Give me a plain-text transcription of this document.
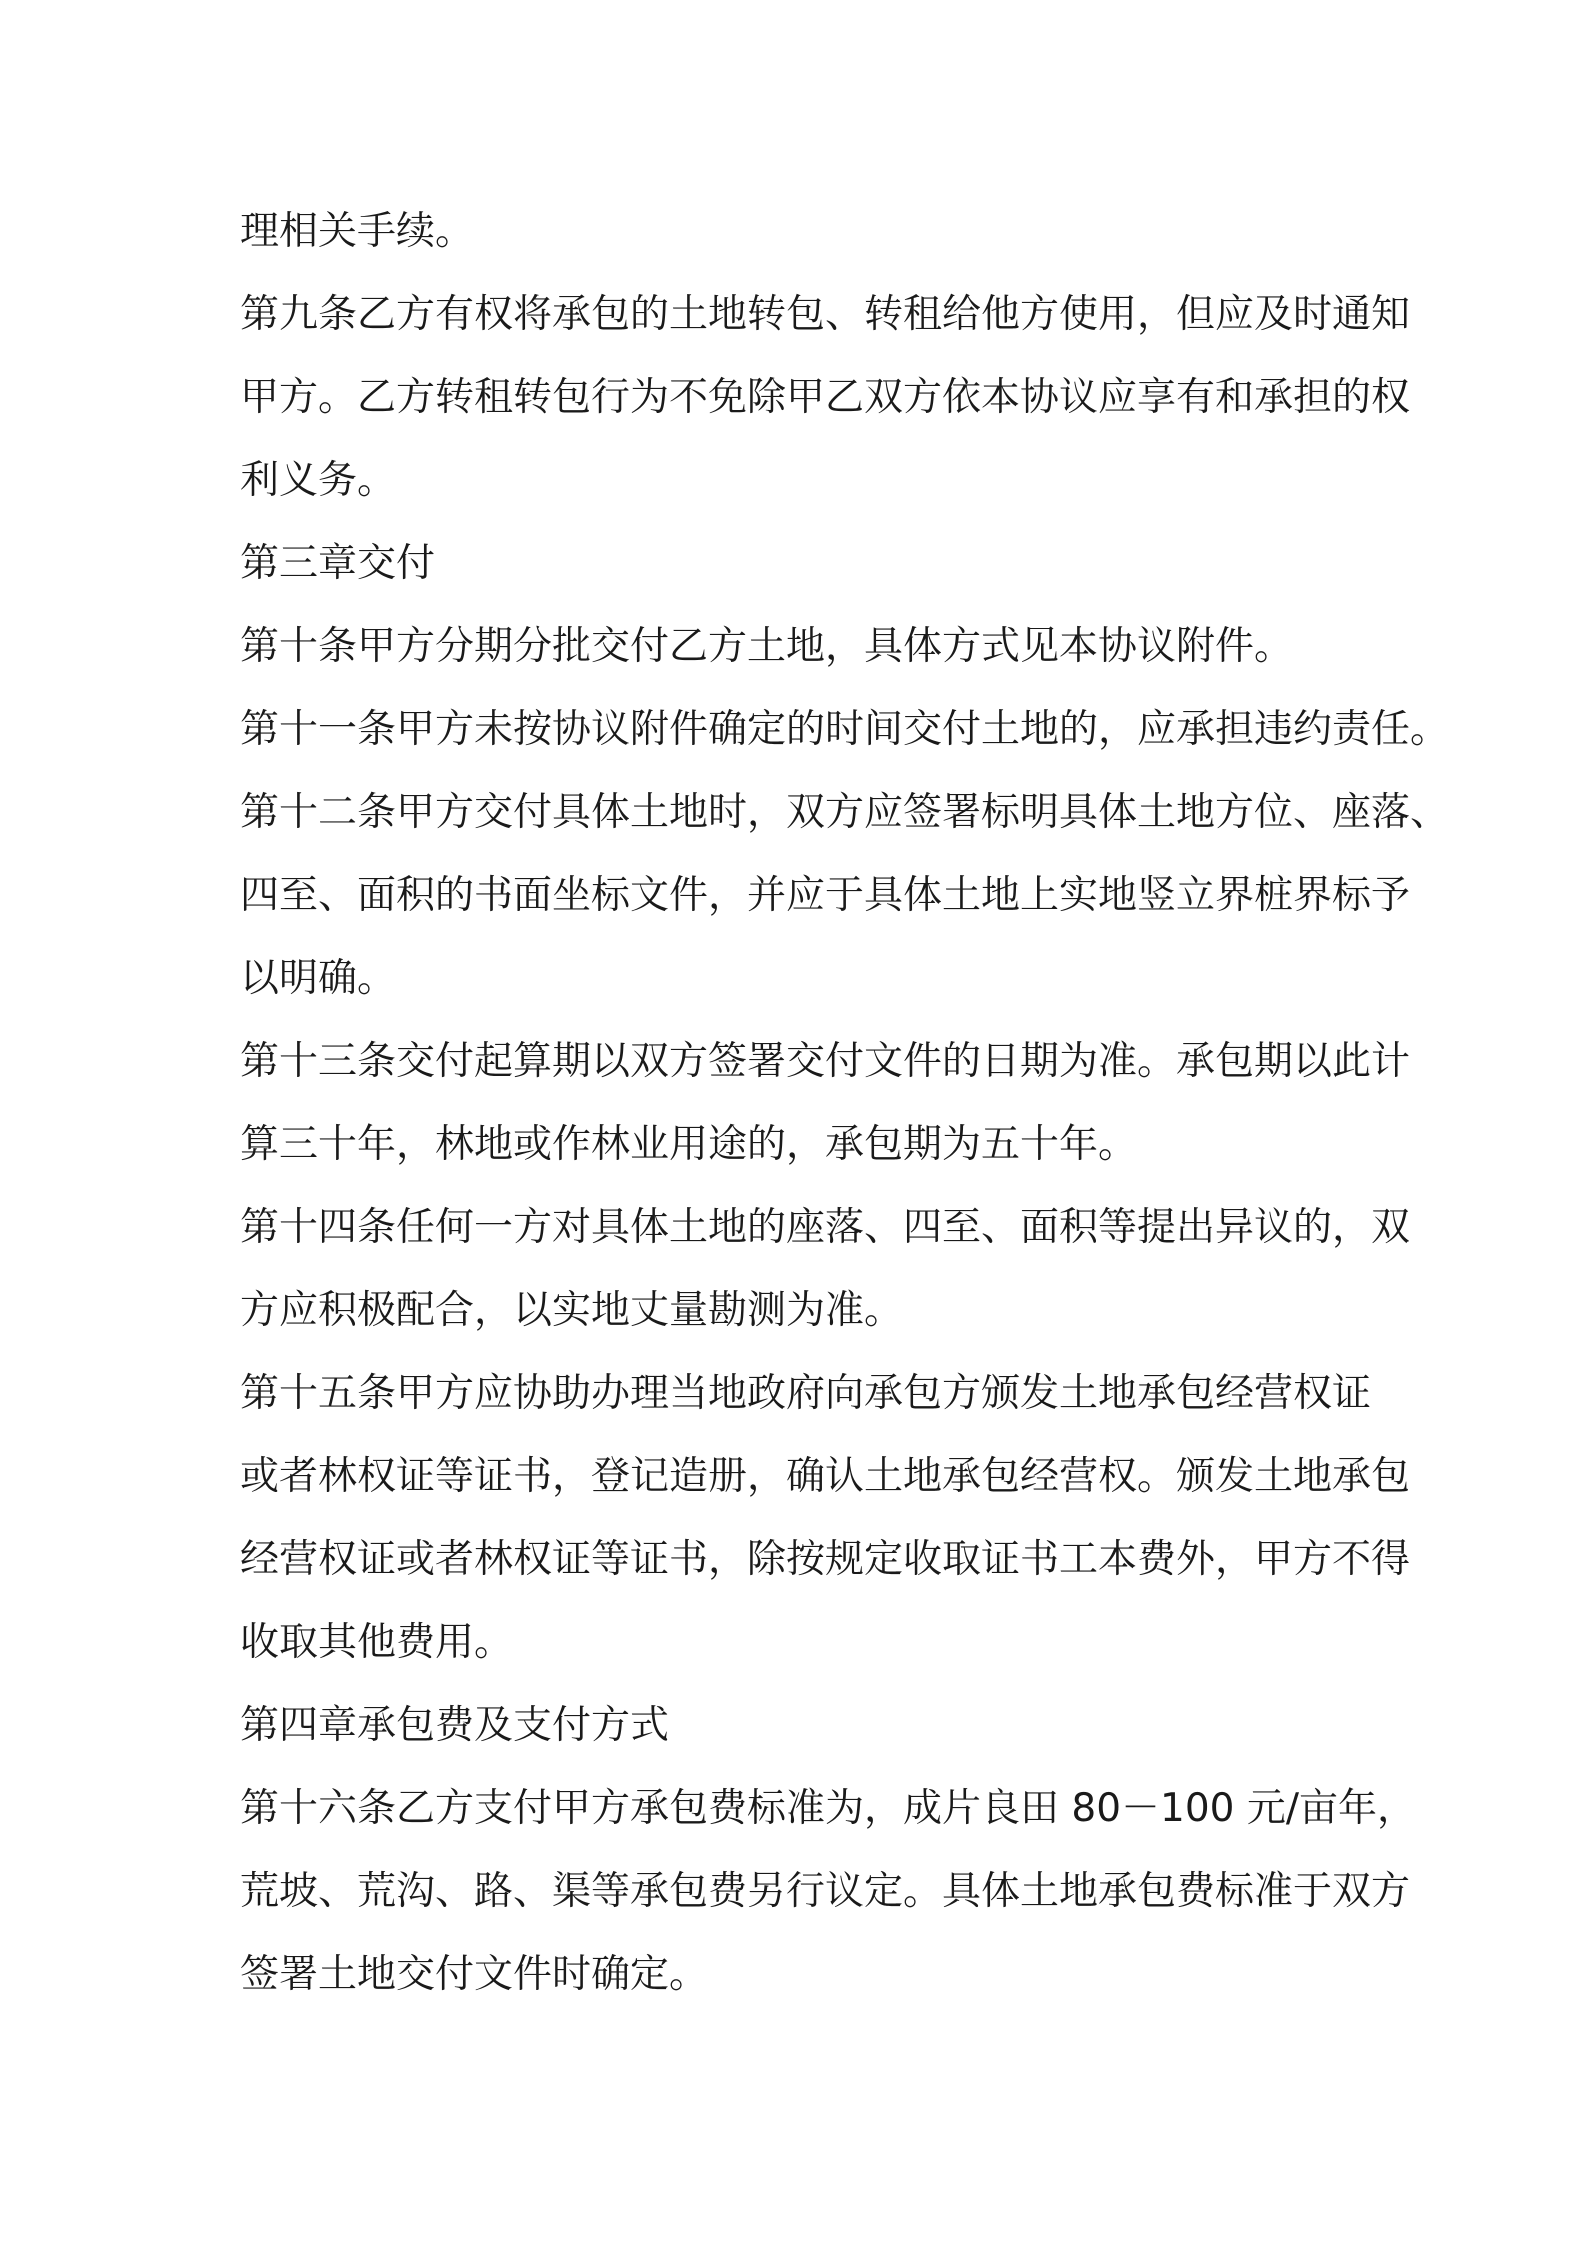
理相关手续。
第九条乙方有权将承包的土地转包、转租给他方使用，但应及时通知
甲方。乙方转租转包行为不免除甲乙双方依本协议应享有和承担的权
利义务。
第三章交付
第十条甲方分期分批交付乙方土地，具体方式见本协议附件。
第十一条甲方未按协议附件确定的时间交付土地的，应承担违约责任。
第十二条甲方交付具体土地时，双方应签署标明具体土地方位、座落、
四至、面积的书面坐标文件，并应于具体土地上实地竖立界桩界标予
以明确。
第十三条交付起算期以双方签署交付文件的日期为准。承包期以此计
算三十年，林地或作林业用途的，承包期为五十年。
第十四条任何一方对具体土地的座落、四至、面积等提出异议的，双
方应积极配合，以实地丈量勘测为准。
第十五条甲方应协助办理当地政府向承包方颁发土地承包经营权证
或者林权证等证书，登记造册，确认土地承包经营权。颁发土地承包
经营权证或者林权证等证书，除按规定收取证书工本费外，甲方不得
收取其他费用。
第四章承包费及支付方式
第十六条乙方支付甲方承包费标准为，成片良田 80－100 元/亩年，
荒坡、荒沟、路、渠等承包费另行议定。具体土地承包费标准于双方
签署土地交付文件时确定。
